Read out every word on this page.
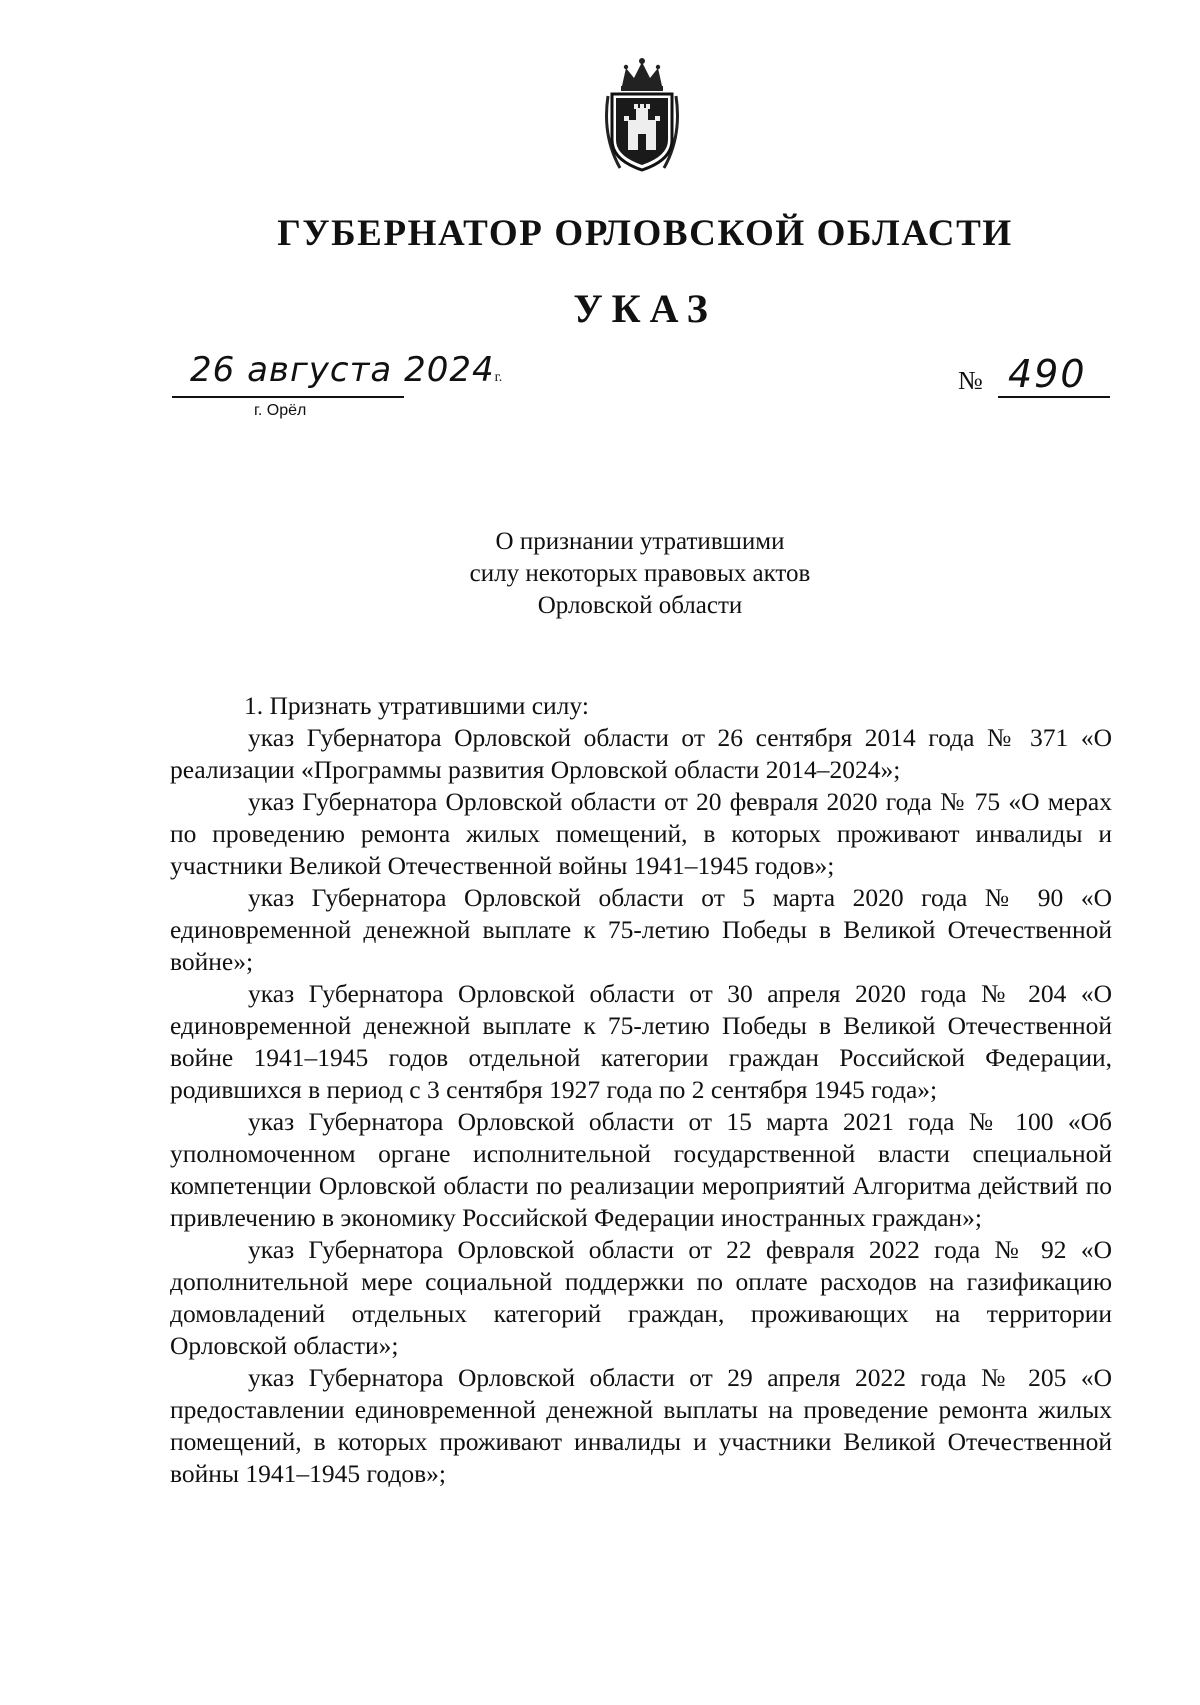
ГУБЕРНАТОР ОРЛОВСКОЙ ОБЛАСТИ
УКАЗ
26 августа 2024г.
г. Орёл
№ 490
О признании утратившими
силу некоторых правовых актов
Орловской области

1. Признать утратившими силу:

указ Губернатора Орловской области от 26 сентября 2014 года № 371 «О реализации «Программы развития Орловской области 2014–2024»;

указ Губернатора Орловской области от 20 февраля 2020 года № 75 «О мерах по проведению ремонта жилых помещений, в которых проживают инвалиды и участники Великой Отечественной войны 1941–1945 годов»;

указ Губернатора Орловской области от 5 марта 2020 года № 90 «О единовременной денежной выплате к 75-летию Победы в Великой Отечественной войне»;

указ Губернатора Орловской области от 30 апреля 2020 года № 204 «О единовременной денежной выплате к 75-летию Победы в Великой Отечественной войне 1941–1945 годов отдельной категории граждан Российской Федерации, родившихся в период с 3 сентября 1927 года по 2 сентября 1945 года»;

указ Губернатора Орловской области от 15 марта 2021 года № 100 «Об уполномоченном органе исполнительной государственной власти специальной компетенции Орловской области по реализации мероприятий Алгоритма действий по привлечению в экономику Российской Федерации иностранных граждан»;

указ Губернатора Орловской области от 22 февраля 2022 года № 92 «О дополнительной мере социальной поддержки по оплате расходов на газификацию домовладений отдельных категорий граждан, проживающих на территории Орловской области»;

указ Губернатора Орловской области от 29 апреля 2022 года № 205 «О предоставлении единовременной денежной выплаты на проведение ремонта жилых помещений, в которых проживают инвалиды и участники Великой Отечественной войны 1941–1945 годов»;
